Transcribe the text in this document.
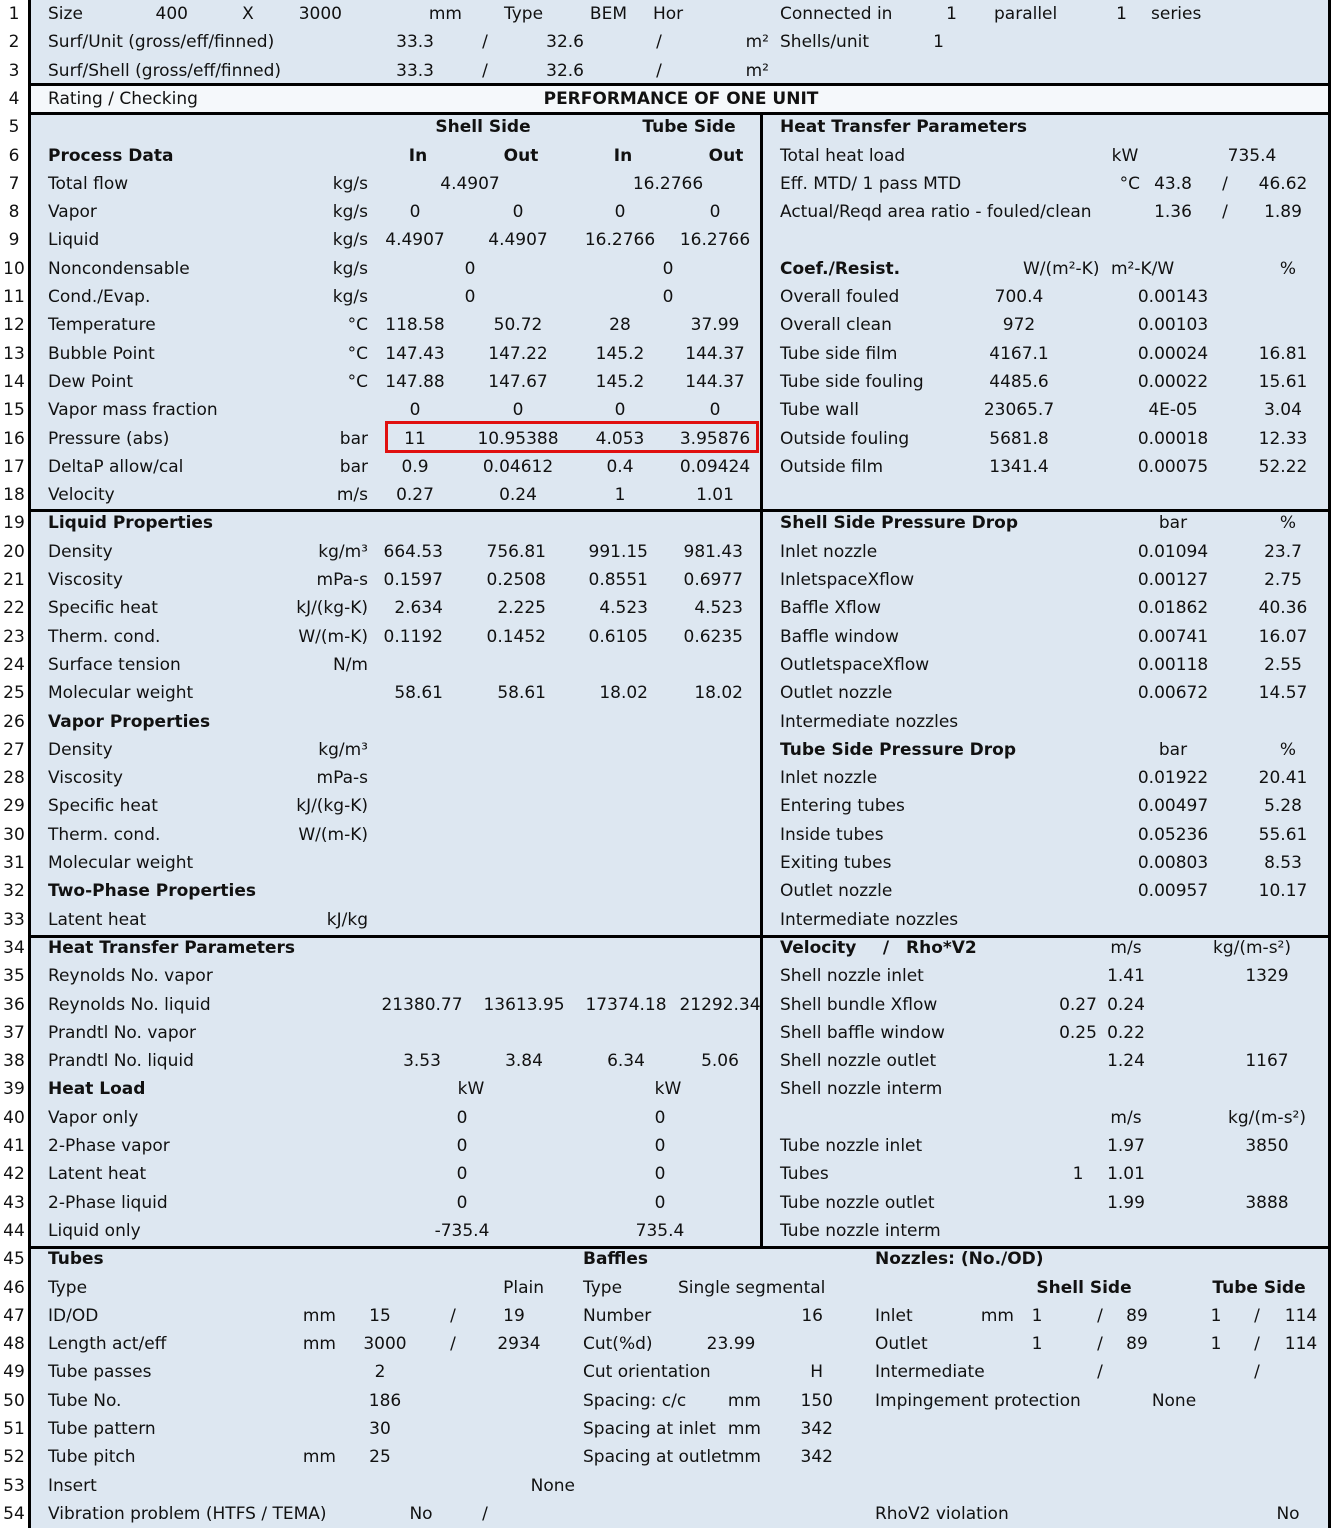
1
2
3
4
5
6
7
8
9
10
11
12
13
14
15
16
17
18
19
20
21
22
23
24
25
26
27
28
29
30
31
32
33
34
35
36
37
38
39
40
41
42
43
44
45
46
47
48
49
50
51
52
53
54
Size	400	X	3000	mm Type	BEM Hor	Connected in	1 parallel	1 series
Surf/Unit (gross/eff/finned)	33.3	/	32.6	/	m² Shells/unit	1
Surf/Shell (gross/eff/finned)	33.3	/	32.6	/	m²
Rating / Checking	PERFORMANCE OF ONE UNIT
Shell Side	Tube Side
Process Data	In	Out	In	Out
Total flow	kg/s	4.4907	16.2766
Vapor	kg/s	0	0	0	0
Liquid	kg/s	4.4907	4.4907	16.2766	16.2766
Noncondensable	kg/s	0	0
Cond./Evap.	kg/s	0	0
Temperature	°C	118.58	50.72	28	37.99
Bubble Point	°C	147.43	147.22	145.2	144.37
Dew Point	°C	147.88	147.67	145.2	144.37
Vapor mass fraction	0	0	0	0
Pressure (abs)	bar	11	10.95388	4.053	3.95876
DeltaP allow/cal	bar	0.9	0.04612	0.4	0.09424
Velocity	m/s	0.27	0.24	1	1.01
Heat Transfer Parameters
Total heat load	kW	735.4
Eff. MTD/ 1 pass MTD	°C 43.8	/	46.62
Actual/Reqd area ratio - fouled/clean	1.36	/	1.89
Coef./Resist.	W/(m²-K) m²-K/W	%
Overall fouled	700.4	0.00143
Overall clean	972	0.00103
Tube side film	4167.1	0.00024	16.81
Tube side fouling	4485.6	0.00022	15.61
Tube wall	23065.7	4E-05	3.04
Outside fouling	5681.8	0.00018	12.33
Outside film	1341.4	0.00075	52.22
Liquid Properties
Density	kg/m³ 664.53	756.81	991.15	981.43
Viscosity	mPa-s 0.1597	0.2508	0.8551	0.6977
Specific heat	kJ/(kg-K)	2.634	2.225	4.523	4.523
Therm. cond.	W/(m-K) 0.1192	0.1452	0.6105	0.6235
Surface tension	N/m
Molecular weight	58.61	58.61	18.02	18.02
Vapor Properties
Density	kg/m³
Viscosity	mPa-s
Specific heat	kJ/(kg-K)
Therm. cond.	W/(m-K)
Molecular weight
Two-Phase Properties
Latent heat	kJ/kg
Shell Side Pressure Drop	bar	%
Inlet nozzle	0.01094	23.7
InletspaceXflow	0.00127	2.75
Baffle Xflow	0.01862	40.36
Baffle window	0.00741	16.07
OutletspaceXflow	0.00118	2.55
Outlet nozzle	0.00672	14.57
Intermediate nozzles
Tube Side Pressure Drop	bar	%
Inlet nozzle	0.01922	20.41
Entering tubes	0.00497	5.28
Inside tubes	0.05236	55.61
Exiting tubes	0.00803	8.53
Outlet nozzle	0.00957	10.17
Intermediate nozzles
Heat Transfer Parameters
Reynolds No. vapor
Reynolds No. liquid	21380.77	13613.95	17374.18 21292.34
Prandtl No. vapor
Prandtl No. liquid	3.53	3.84	6.34	5.06
Heat Load	kW	kW
Vapor only	0	0
2-Phase vapor	0	0
Latent heat	0	0
2-Phase liquid	0	0
Liquid only	-735.4	735.4
Velocity	/ Rho*V2	m/s	kg/(m-s²)
Shell nozzle inlet	1.41	1329
Shell bundle Xflow	0.27 0.24
Shell baffle window	0.25 0.22
Shell nozzle outlet	1.24	1167
Shell nozzle interm
m/s	kg/(m-s²)
Tube nozzle inlet	1.97	3850
Tubes	1	1.01
Tube nozzle outlet	1.99	3888
Tube nozzle interm
Tubes
Type	Plain
ID/OD	mm	15	/	19
Length act/eff	mm	3000	/	2934
Tube passes	2
Tube No.	186
Tube pattern	30
Tube pitch	mm	25
Insert	None
Vibration problem (HTFS / TEMA)	No	/
Baffles
Type	Single segmental
Number	16
Cut(%d)	23.99
Cut orientation	H
Spacing: c/c	mm	150
Spacing at inlet mm	342
Spacing at outlet mm	342
Nozzles: (No./OD)
Shell Side	Tube Side
Inlet	mm 1	/	89	1	/	114
Outlet	1	/	89	1	/	114
Intermediate	/	/
Impingement protection	None
RhoV2 violation	No
